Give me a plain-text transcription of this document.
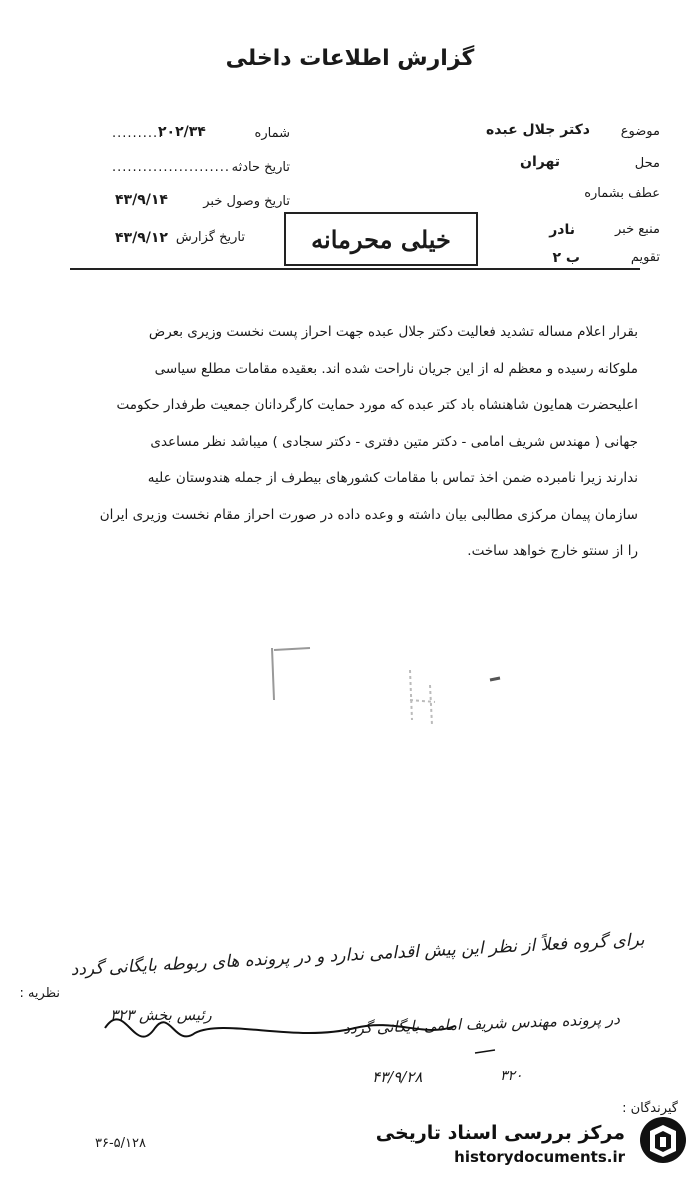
گزارش اطلاعات داخلی
موضوع
دکتر جلال عبده
محل
تهران
عطف بشماره
منبع خبر
نادر
تقویم
ب ۲
شماره
..........
۲۰۲/۳۴
تاریخ حادثه
.......................
تاریخ وصول خبر
۴۳/۹/۱۴
تاریخ گزارش
۴۳/۹/۱۲	خیلی محرمانه

بقرار اعلام مساله تشدید فعالیت دکتر جلال عبده جهت احراز پست نخست وزیری بعرض

ملوکانه رسیده و معظم له از این جریان ناراحت شده اند. بعقیده مقامات مطلع سیاسی

اعلیحضرت همایون شاهنشاه باد کتر عبده که مورد حمایت کارگردانان جمعیت طرفدار حکومت

جهانی ( مهندس شریف امامی - دکتر متین دفتری - دکتر سجادی ) میباشد نظر مساعدی

ندارند زیرا نامبرده ضمن اخذ تماس با مقامات کشورهای بیطرف از جمله هندوستان علیه

سازمان پیمان مرکزی مطالبی بیان داشته و وعده داده در صورت احراز مقام نخست وزیری ایران

را از سنتو خارج خواهد ساخت.

برای گروه فعلاً از نظر این پیش اقدامی ندارد و در پرونده های ربوطه بایگانی گردد
نظریه :
در پرونده مهندس شریف امامی بایگانی گردد
رئیس بخش ۳۲۳
۴۳/۹/۲۸	۳۲۰
گیرندگان :
۳۶-۵/۱۲۸	مرکز بررسی اسناد تاریخی
historydocuments.ir
